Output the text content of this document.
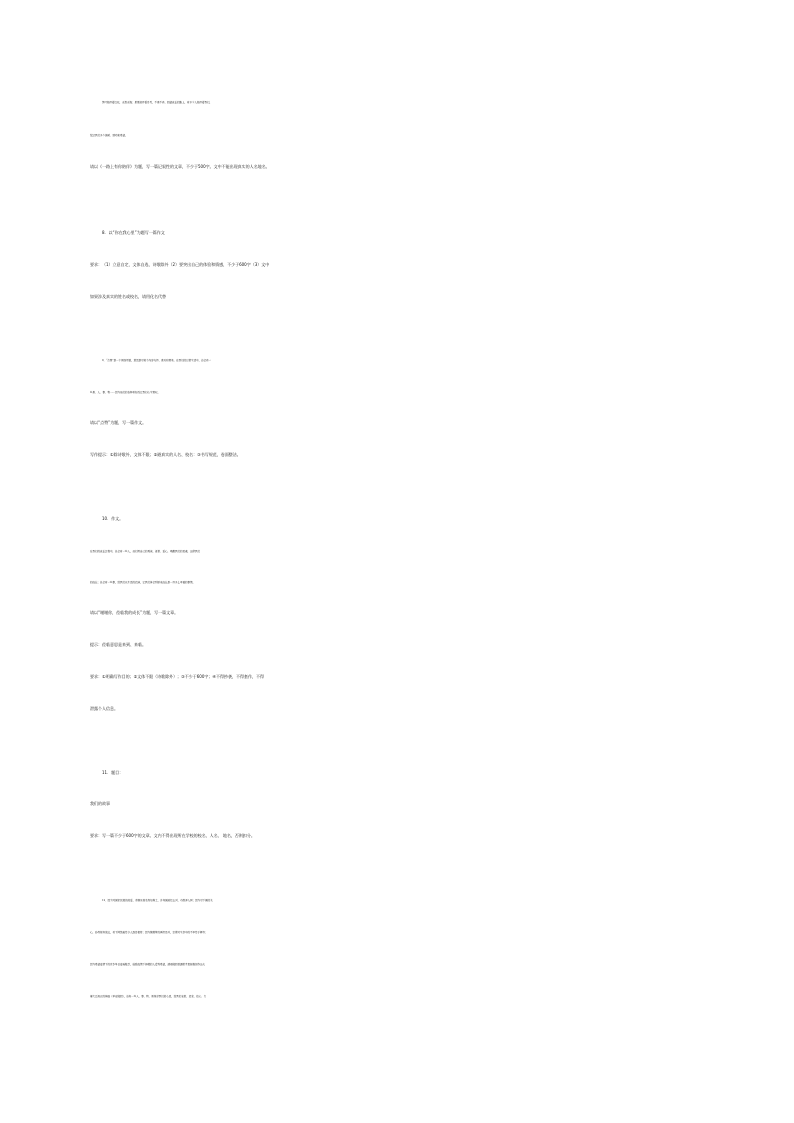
绿叶陪伴着红花，无怨无悔；星星陪伴着月亮，不离不弃。回望成长的路上，有多少人陪伴着我们，
给过我们多少温暖、感动和希望。
请以《一路上有你陪伴》为题，写一篇记叙性的文章，不少于500字。文中不能出现真实的人名地名。
8．以“你在我心里”为题写一篇作文
要求：（1）立意自定，文体自选，诗歌除外（2）要突出自己的体验和情感，不少于600字（3）文中
如果涉及真实的姓名或校名，请用化名代替
9．“点赞”是一个网络用语，意思是对某个内容支持、喜欢和赞美。在我们的日常生活中，总会有一
些景、人、事、物……因为他们的各种美好而让我们心生赞叹。
请以“点赞”为题，写一篇作文。
写作提示：①除诗歌外，文体不限；②避真实的人名、校名：③书写规范，卷面整洁。
10．作文。
在我们的成长过程中，总会有一些人，他们用自己的真诚、善意、爱心，唤醒我们的灵魂，出席我们
的成长；总会有一些事，给我们以生活的启迪，让我们体会到原来成长是一件多么幸福的事情。
请以“谢谢你，莅临我的成长”为题，写一篇文章。
提示：莅临意思是来到、来临。
要求：①明确写作目的；②文体不限（诗歌除外）；③不少于600字；④不得抄袭，不得套作，不得
泄露个人信息。
11．题目：
我们的故事
要求：写一篇不少于600字的文章。文内不得出现所在学校的校名、人名、 地名，否则扣分。
12．因为对国家民族的热爱，邓稼先视名利如粪土，许身国威壮山河，功勋泽人间；因为对下属的关
心，孙叔现身说法，吴下阿蒙最终令人刮目相待；因为紫藤萝的再度盛开，宗璞对生命中的不幸终于释怀；
因为希望疫情下的家乡早日疫霾散尽，鼓励疫情下抑郁的人看到希望，湖南隆回普通歌手袁树雄创作出火
爆大江南北的神曲《早安隆回》，总有一些人、事、物、景荡涤我们的心灵，给我们安慰、启发、信心、力
